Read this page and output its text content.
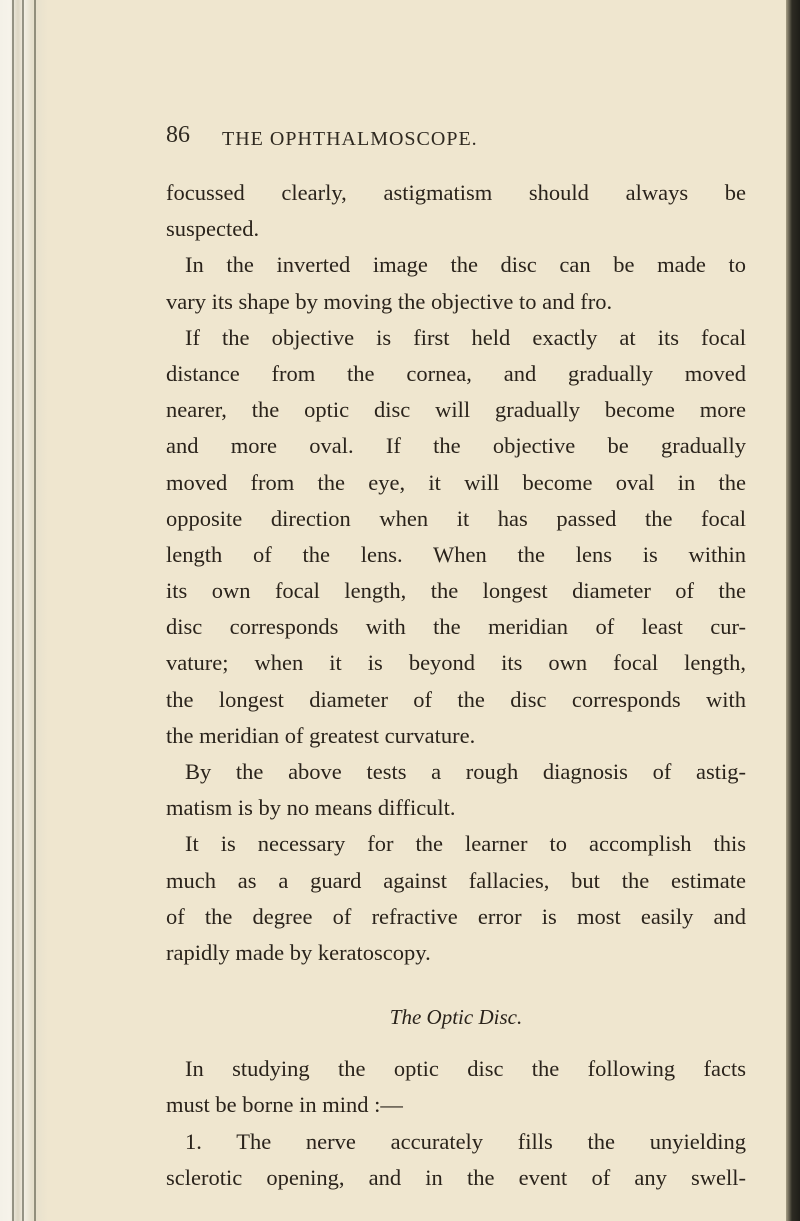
86 THE OPHTHALMOSCOPE.
focussed clearly, astigmatism should always be
suspected.
In the inverted image the disc can be made to
vary its shape by moving the objective to and fro.
If the objective is first held exactly at its focal
distance from the cornea, and gradually moved
nearer, the optic disc will gradually become more
and more oval. If the objective be gradually
moved from the eye, it will become oval in the
opposite direction when it has passed the focal
length of the lens. When the lens is within
its own focal length, the longest diameter of the
disc corresponds with the meridian of least cur-
vature; when it is beyond its own focal length,
the longest diameter of the disc corresponds with
the meridian of greatest curvature.
By the above tests a rough diagnosis of astig-
matism is by no means difficult.
It is necessary for the learner to accomplish this
much as a guard against fallacies, but the estimate
of the degree of refractive error is most easily and
rapidly made by keratoscopy.
The Optic Disc.
In studying the optic disc the following facts
must be borne in mind :—
1. The nerve accurately fills the unyielding
sclerotic opening, and in the event of any swell-
